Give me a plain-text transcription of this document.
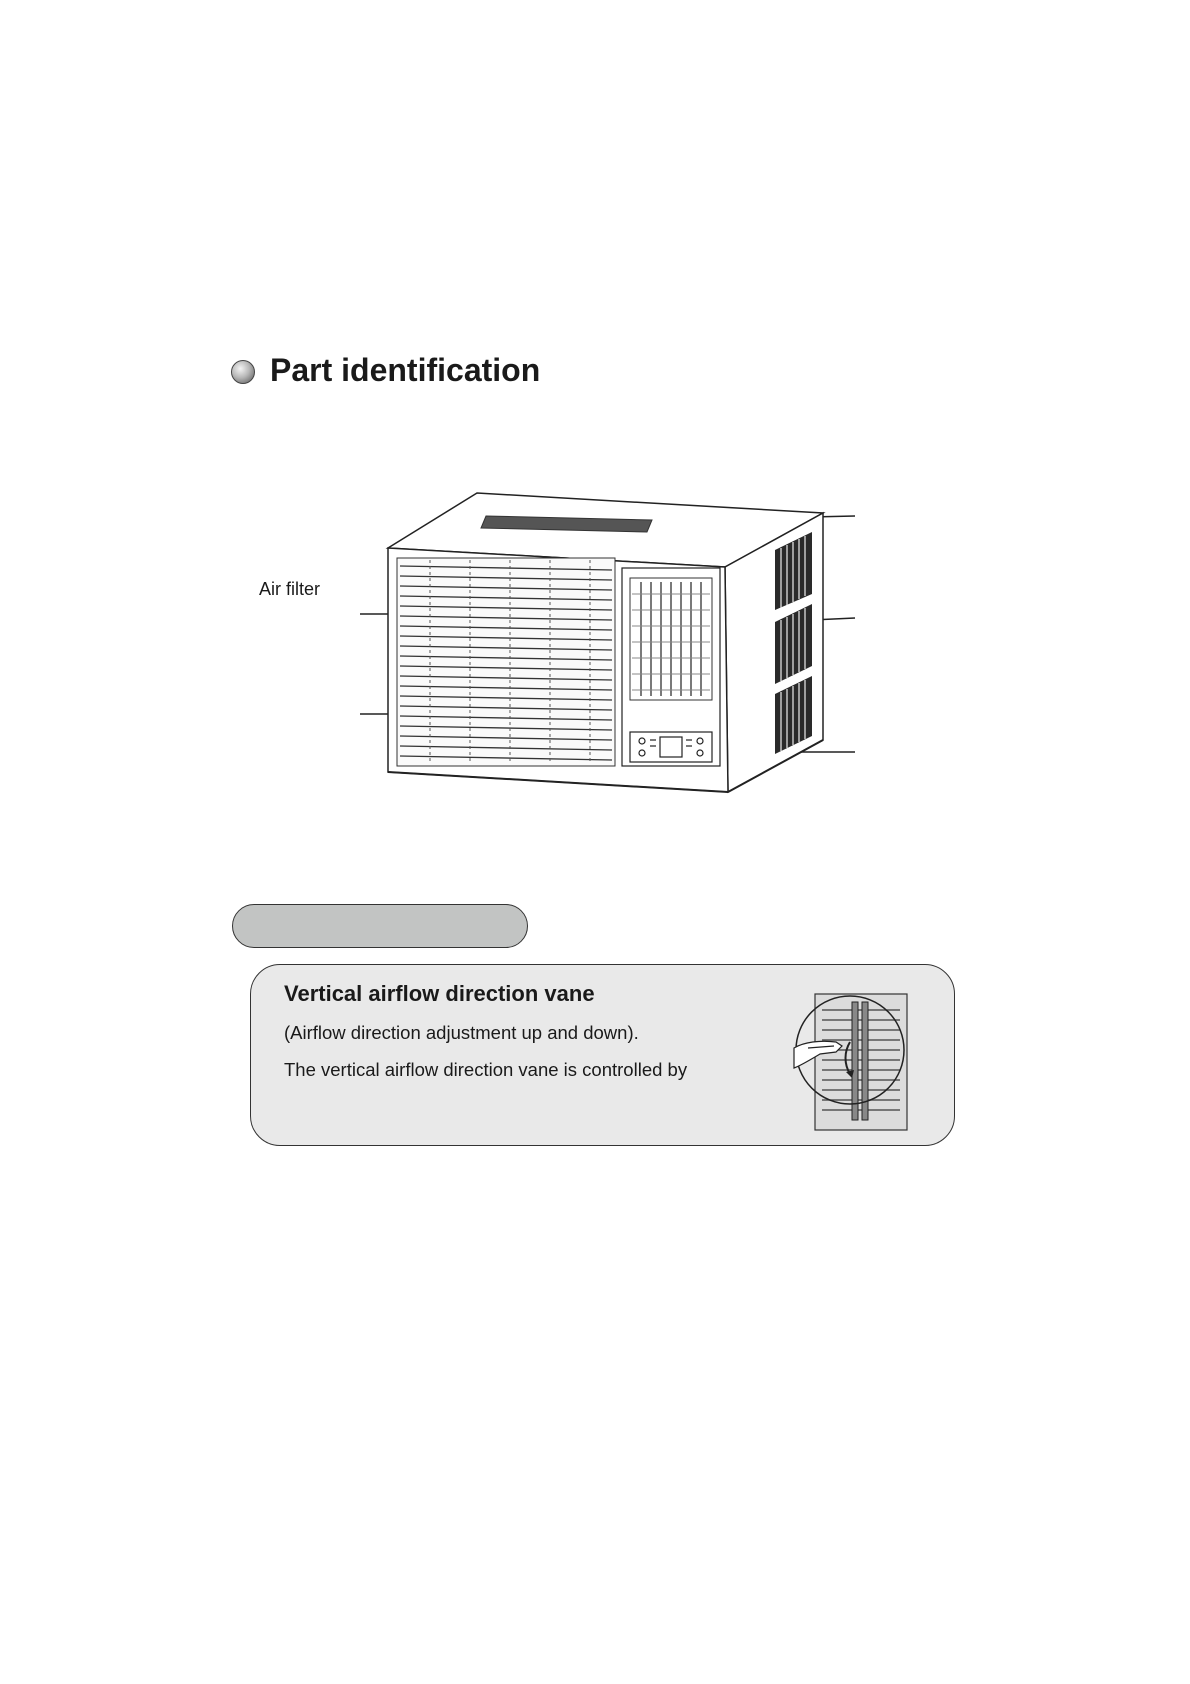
Part identification
Air filter
Vertical airflow direction vane
(Airflow direction adjustment up and down).
The vertical airflow direction vane is controlled by
